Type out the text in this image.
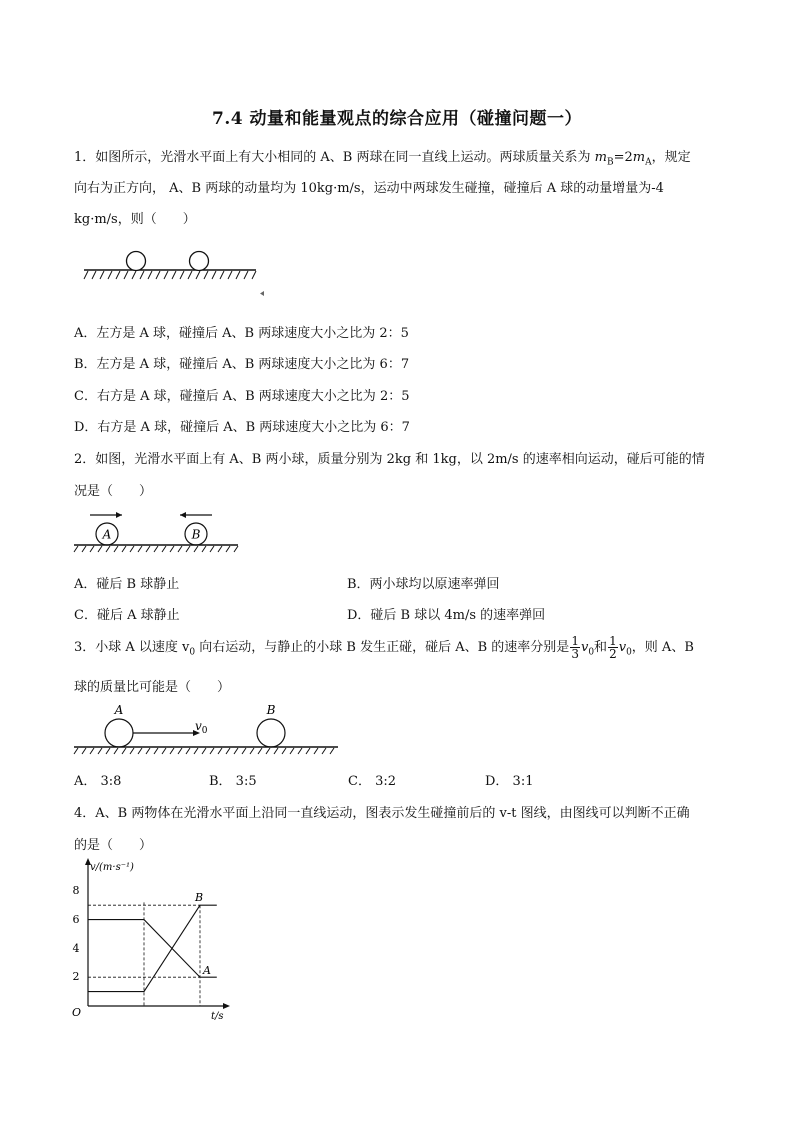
7.4 动量和能量观点的综合应用（碰撞问题一）
1．如图所示，光滑水平面上有大小相同的 A、B 两球在同一直线上运动。两球质量关系为 $m_B=2m_A$，规定
向右为正方向， A、B 两球的动量均为 10kg·m/s，运动中两球发生碰撞，碰撞后 A 球的动量增量为-4
kg·m/s，则（　　）
A．左方是 A 球，碰撞后 A、B 两球速度大小之比为 2：5
B．左方是 A 球，碰撞后 A、B 两球速度大小之比为 6：7
C．右方是 A 球，碰撞后 A、B 两球速度大小之比为 2：5
D．右方是 A 球，碰撞后 A、B 两球速度大小之比为 6：7
2．如图，光滑水平面上有 A、B 两小球，质量分别为 2kg 和 1kg，以 2m/s 的速率相向运动，碰后可能的情
况是（　　）
A	B
A．碰后 B 球静止	B．两小球均以原速率弹回
C．碰后 A 球静止	D．碰后 B 球以 4m/s 的速率弹回
3．小球 A 以速度 $v_0$ 向右运动，与静止的小球 B 发生正碰，碰后 A、B 的速率分别是 $\frac{1}{3} v_0$和 $\frac{1}{2} v_0$，则 A、B
球的质量比可能是（　　）
A	B
$v_0$
A． 3:8	B． 3:5	C． 3:2	D． 3:1
4．A、B 两物体在光滑水平面上沿同一直线运动，图表示发生碰撞前后的 v-t 图线，由图线可以判断不正确
的是（　　）
v/(m·s⁻¹)
t/s
O
8
6
4
2	A
B
